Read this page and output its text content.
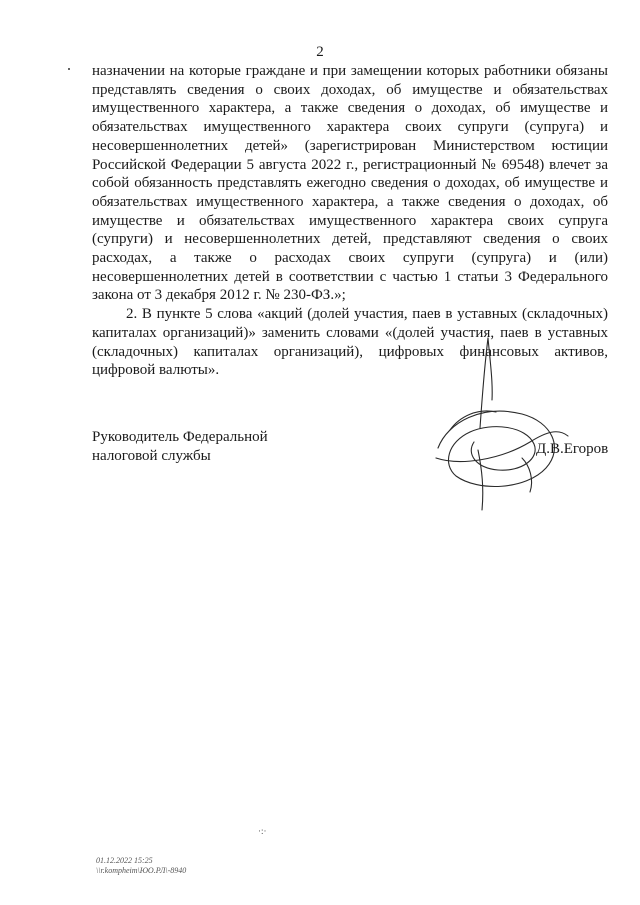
2

назначении на которые граждане и при замещении которых работники обязаны представлять сведения о своих доходах, об имуществе и обязательствах имущественного характера, а также сведения о доходах, об имуществе и обязательствах имущественного характера своих супруги (супруга) и несовершеннолетних детей» (зарегистрирован Министерством юстиции Российской Федерации 5 августа 2022 г., регистрационный № 69548) влечет за собой обязанность представлять ежегодно сведения о доходах, об имуществе и обязательствах имущественного характера, а также сведения о доходах, об имуществе и обязательствах имущественного характера своих супруга (супруги) и несовершеннолетних детей, представляют сведения о своих расходах, а также о расходах своих супруги (супруга) и (или) несовершеннолетних детей в соответствии с частью 1 статьи 3 Федерального закона от 3 декабря 2012 г. № 230-ФЗ.»;

2. В пункте 5 слова «акций (долей участия, паев в уставных (складочных) капиталах организаций)» заменить словами «(долей участия, паев в уставных (складочных) капиталах организаций), цифровых финансовых активов, цифровой валюты».

Руководитель Федеральной
налоговой службы	Д.В.Егоров
·:·
01.12.2022 15:25
\\r.kompheim\ЮО.РЛ\-8940
